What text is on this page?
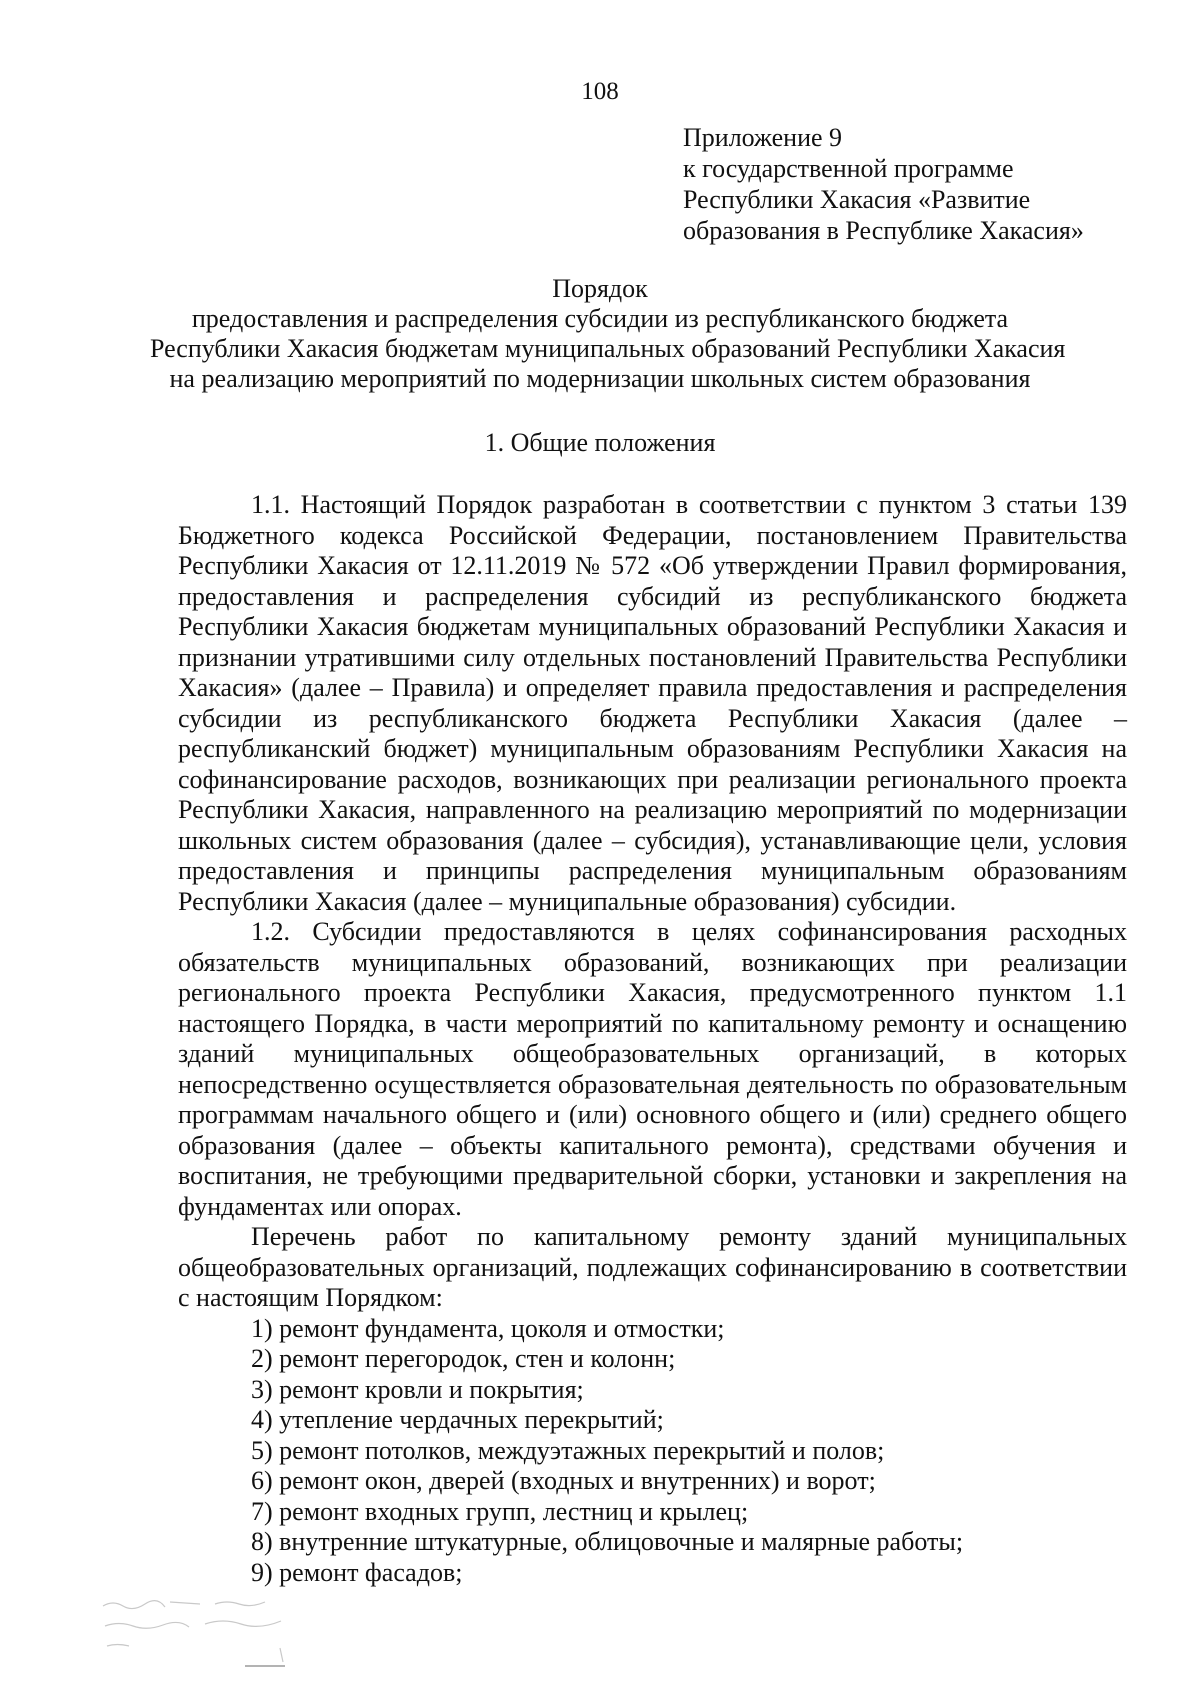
108
Приложение 9
к государственной программе
Республики Хакасия «Развитие
образования в Республике Хакасия»
Порядок
предоставления и распределения субсидии из республиканского бюджета
Республики Хакасия бюджетам муниципальных образований Республики Хакасия
на реализацию мероприятий по модернизации школьных систем образования
1. Общие положения

1.1. Настоящий Порядок разработан в соответствии с пунктом 3 статьи 139 Бюджетного кодекса Российской Федерации, постановлением Правительства Республики Хакасия от 12.11.2019 № 572 «Об утверждении Правил формирования, предоставления и распределения субсидий из республиканского бюджета Республики Хакасия бюджетам муниципальных образований Республики Хакасия и признании утратившими силу отдельных постановлений Правительства Республики Хакасия» (далее – Правила) и определяет правила предоставления и распределения субсидии из республиканского бюджета Республики Хакасия (далее – республиканский бюджет) муниципальным образованиям Республики Хакасия на софинансирование расходов, возникающих при реализации регионального проекта Республики Хакасия, направленного на реализацию мероприятий по модернизации школьных систем образования (далее – субсидия), устанавливающие цели, условия предоставления и принципы распределения муниципальным образованиям Республики Хакасия (далее – муниципальные образования) субсидии.

1.2. Субсидии предоставляются в целях софинансирования расходных обязательств муниципальных образований, возникающих при реализации регионального проекта Республики Хакасия, предусмотренного пунктом 1.1 настоящего Порядка, в части мероприятий по капитальному ремонту и оснащению зданий муниципальных общеобразовательных организаций, в которых непосредственно осуществляется образовательная деятельность по образовательным программам начального общего и (или) основного общего и (или) среднего общего образования (далее – объекты капитального ремонта), средствами обучения и воспитания, не требующими предварительной сборки, установки и закрепления на фундаментах или опорах.

Перечень работ по капитальному ремонту зданий муниципальных общеобразовательных организаций, подлежащих софинансированию в соответствии с настоящим Порядком:

1) ремонт фундамента, цоколя и отмостки;
2) ремонт перегородок, стен и колонн;
3) ремонт кровли и покрытия;
4) утепление чердачных перекрытий;
5) ремонт потолков, междуэтажных перекрытий и полов;
6) ремонт окон, дверей (входных и внутренних) и ворот;
7) ремонт входных групп, лестниц и крылец;
8) внутренние штукатурные, облицовочные и малярные работы;
9) ремонт фасадов;
